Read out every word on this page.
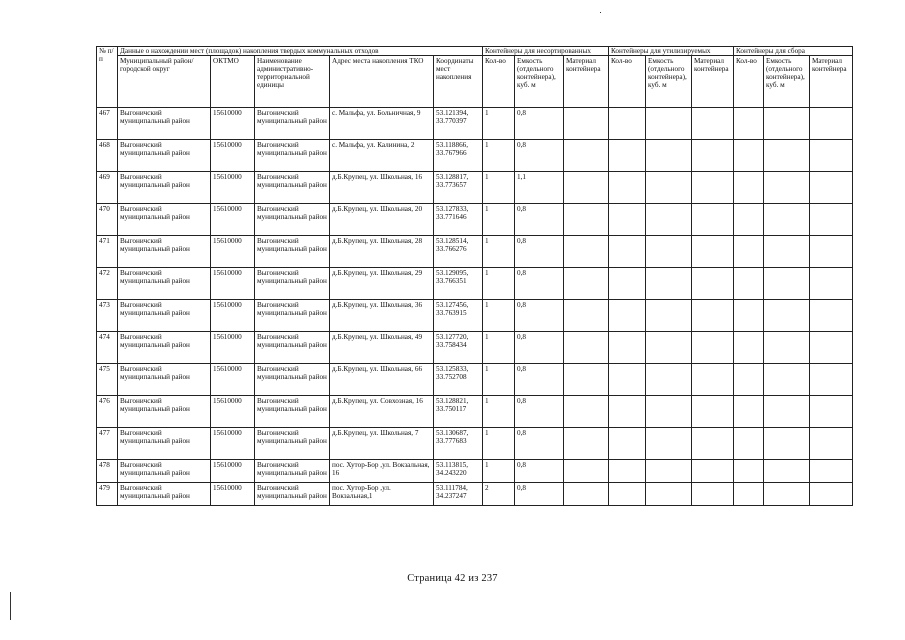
№ п/п	Данные о нахождении мест (площадок) накопления твердых коммунальных отходов					Контейнеры для несортированных			Контейнеры для утилизируемых			Контейнеры для сбора		
	Муниципальный район/городской округ	ОКТМО	Наименование административно-территориальной единицы	Адрес места накопления ТКО	Координаты мест накопления	Кол-во	Емкость (отдельного контейнера), куб. м	Материал контейнера	Кол-во	Емкость (отдельного контейнера), куб. м	Материал контейнера	Кол-во	Емкость (отдельного контейнера), куб. м	Материал контейнера
467	Выгоничский муниципальный район	15610000	Выгоничский муниципальный район	с. Мальфа, ул. Больничная, 9	53.121394, 33.770397	1	0,8							
468	Выгоничский муниципальный район	15610000	Выгоничский муниципальный район	с. Мальфа, ул. Калинина, 2	53.118866, 33.767966	1	0,8							
469	Выгоничский муниципальный район	15610000	Выгоничский муниципальный район	д.Б.Крупец, ул. Школьная, 16	53.128817, 33.773657	1	1,1							
470	Выгоничский муниципальный район	15610000	Выгоничский муниципальный район	д.Б.Крупец, ул. Школьная, 20	53.127833, 33.771646	1	0,8							
471	Выгоничский муниципальный район	15610000	Выгоничский муниципальный район	д.Б.Крупец, ул. Школьная, 28	53.128514, 33.766276	1	0,8							
472	Выгоничский муниципальный район	15610000	Выгоничский муниципальный район	д.Б.Крупец, ул. Школьная, 29	53.129095, 33.766351	1	0,8							
473	Выгоничский муниципальный район	15610000	Выгоничский муниципальный район	д.Б.Крупец, ул. Школьная, 36	53.127456, 33.763915	1	0,8							
474	Выгоничский муниципальный район	15610000	Выгоничский муниципальный район	д.Б.Крупец, ул. Школьная, 49	53.127720, 33.758434	1	0,8							
475	Выгоничский муниципальный район	15610000	Выгоничский муниципальный район	д.Б.Крупец, ул. Школьная, 66	53.125833, 33.752708	1	0,8							
476	Выгоничский муниципальный район	15610000	Выгоничский муниципальный район	д.Б.Крупец, ул. Совхозная, 16	53.128821, 33.750117	1	0,8							
477	Выгоничский муниципальный район	15610000	Выгоничский муниципальный район	д.Б.Крупец, ул. Школьная, 7	53.130687, 33.777683	1	0,8							
478	Выгоничский муниципальный район	15610000	Выгоничский муниципальный район	пос. Хутор-Бор ,ул. Вокзальная, 16	53.113815, 34.243220	1	0,8							
479	Выгоничский муниципальный район	15610000	Выгоничский муниципальный район	пос. Хутор-Бор ,ул. Вокзальная,1	53.111784, 34.237247	2	0,8							
Страница 42 из 237
